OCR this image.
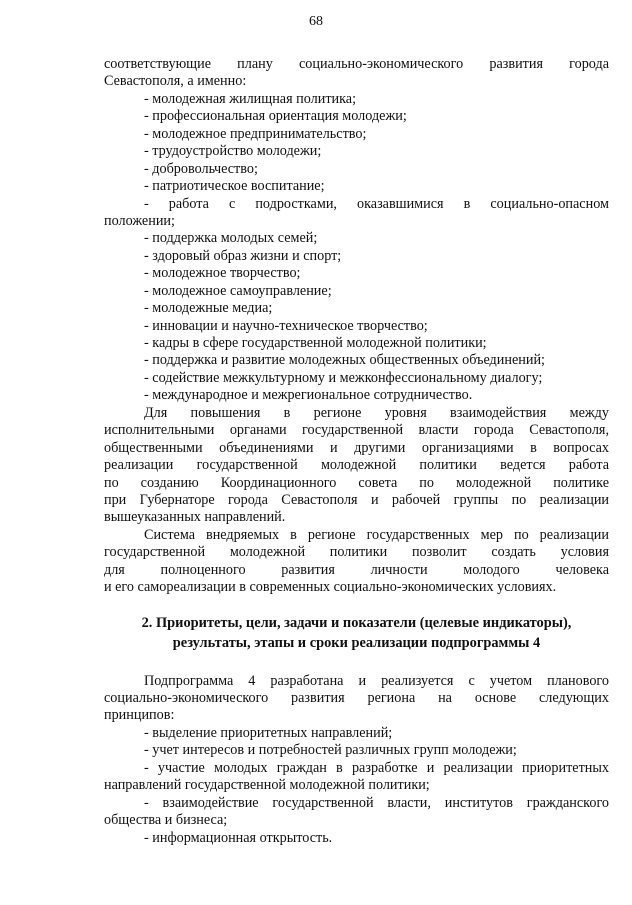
68
соответствующие плану социально-экономического развития города
Севастополя, а именно:
- молодежная жилищная политика;
- профессиональная ориентация молодежи;
- молодежное предпринимательство;
- трудоустройство молодежи;
- добровольчество;
- патриотическое воспитание;
- работа с подростками, оказавшимися в социально-опасном
положении;
- поддержка молодых семей;
- здоровый образ жизни и спорт;
- молодежное творчество;
- молодежное самоуправление;
- молодежные медиа;
- инновации и научно-техническое творчество;
- кадры в сфере государственной молодежной политики;
- поддержка и развитие молодежных общественных объединений;
- содействие межкультурному и межконфессиональному диалогу;
- международное и межрегиональное сотрудничество.
Для повышения в регионе уровня взаимодействия между
исполнительными органами государственной власти города Севастополя,
общественными объединениями и другими организациями в вопросах
реализации государственной молодежной политики ведется работа
по созданию Координационного совета по молодежной политике
при Губернаторе города Севастополя и рабочей группы по реализации
вышеуказанных направлений.
Система внедряемых в регионе государственных мер по реализации
государственной молодежной политики позволит создать условия
для полноценного развития личности молодого человека
и его самореализации в современных социально-экономических условиях.
2. Приоритеты, цели, задачи и показатели (целевые индикаторы),
результаты, этапы и сроки реализации подпрограммы 4
Подпрограмма 4 разработана и реализуется с учетом планового
социально-экономического развития региона на основе следующих
принципов:
- выделение приоритетных направлений;
- учет интересов и потребностей различных групп молодежи;
- участие молодых граждан в разработке и реализации приоритетных
направлений государственной молодежной политики;
- взаимодействие государственной власти, институтов гражданского
общества и бизнеса;
- информационная открытость.
